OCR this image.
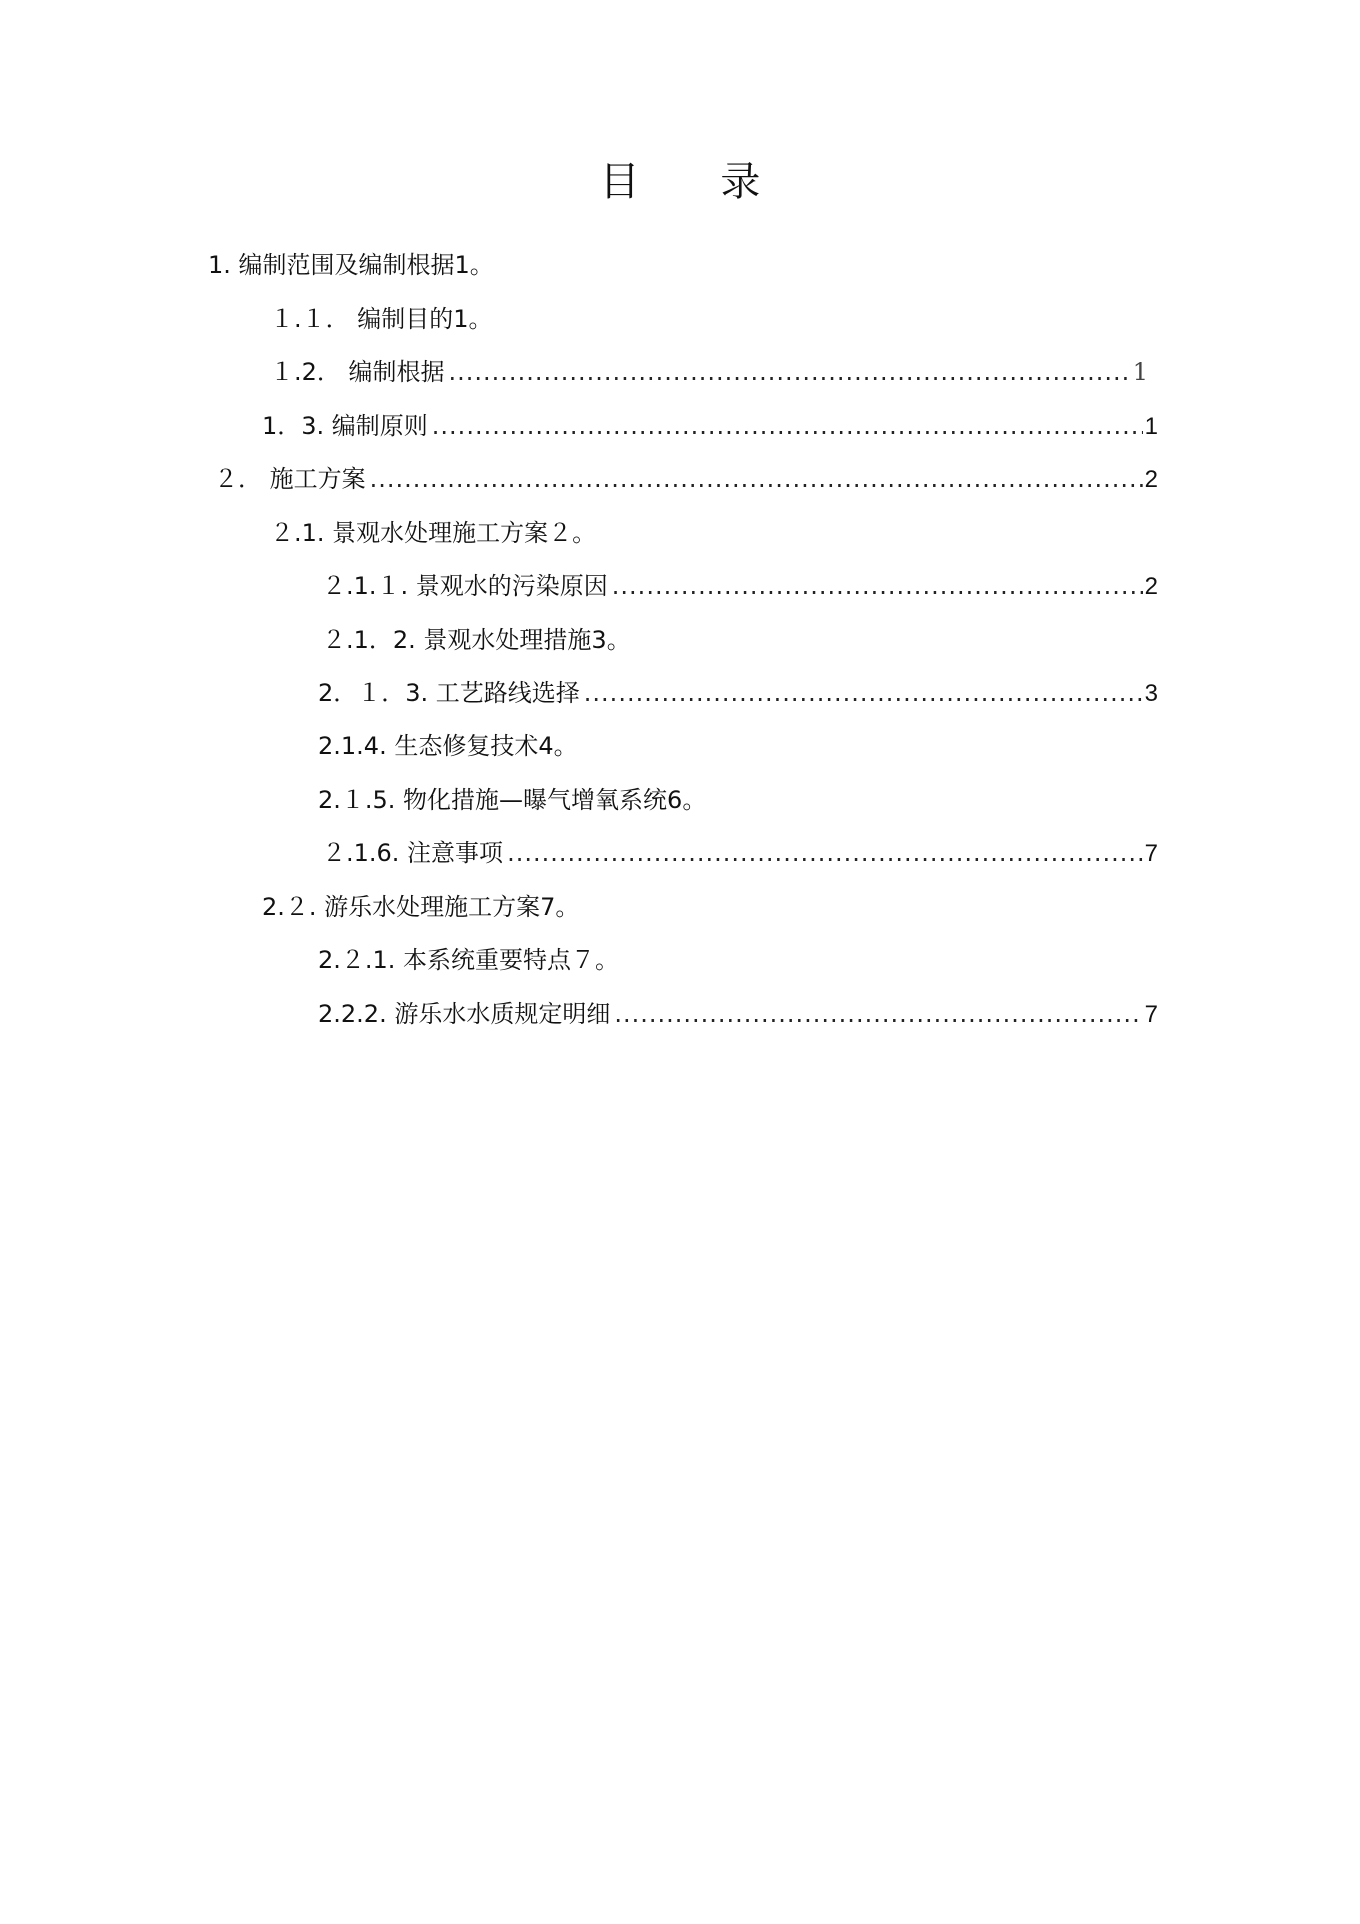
目 录
1. 编制范围及编制根据1。
１.１． 编制目的1。
１.2． 编制根据 .....	1
1．3. 编制原则 .....	1
２． 施工方案 .....	2
２.1. 景观水处理施工方案２。
２.1.１. 景观水的污染原因 .....	2
２.1．2. 景观水处理措施3。
2．１．3. 工艺路线选择 .....	3
2.1.4. 生态修复技术4。
2.１.5. 物化措施—曝气增氧系统6。
２.1.6. 注意事项 .....	7
2.２. 游乐水处理施工方案7。
2.２.1. 本系统重要特点７。
2.2.2. 游乐水水质规定明细 .....	7
